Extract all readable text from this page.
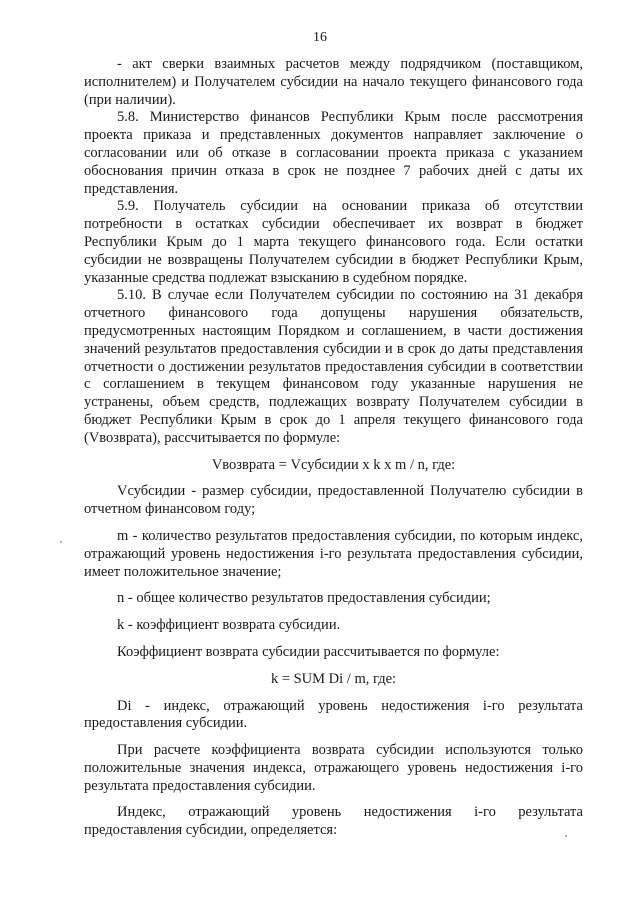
16

- акт сверки взаимных расчетов между подрядчиком (поставщиком, исполнителем) и Получателем субсидии на начало текущего финансового года (при наличии).

5.8. Министерство финансов Республики Крым после рассмотрения проекта приказа и представленных документов направляет заключение о согласовании или об отказе в согласовании проекта приказа с указанием обоснования причин отказа в срок не позднее 7 рабочих дней с даты их представления.

5.9. Получатель субсидии на основании приказа об отсутствии потребности в остатках субсидии обеспечивает их возврат в бюджет Республики Крым до 1 марта текущего финансового года. Если остатки субсидии не возвращены Получателем субсидии в бюджет Республики Крым, указанные средства подлежат взысканию в судебном порядке.

5.10. В случае если Получателем субсидии по состоянию на 31 декабря отчетного финансового года допущены нарушения обязательств, предусмотренных настоящим Порядком и соглашением, в части достижения значений результатов предоставления субсидии и в срок до даты представления отчетности о достижении результатов предоставления субсидии в соответствии с соглашением в текущем финансовом году указанные нарушения не устранены, объем средств, подлежащих возврату Получателем субсидии в бюджет Республики Крым в срок до 1 апреля текущего финансового года (Vвозврата), рассчитывается по формуле:

Vвозврата = Vсубсидии x k x m / n, где:

Vсубсидии - размер субсидии, предоставленной Получателю субсидии в отчетном финансовом году;

m - количество результатов предоставления субсидии, по которым индекс, отражающий уровень недостижения i-го результата предоставления субсидии, имеет положительное значение;

n - общее количество результатов предоставления субсидии;

k - коэффициент возврата субсидии.

Коэффициент возврата субсидии рассчитывается по формуле:

k = SUM Di / m, где:

Di - индекс, отражающий уровень недостижения i-го результата предоставления субсидии.

При расчете коэффициента возврата субсидии используются только положительные значения индекса, отражающего уровень недостижения i-го результата предоставления субсидии.

Индекс, отражающий уровень недостижения i-го результата предоставления субсидии, определяется:
